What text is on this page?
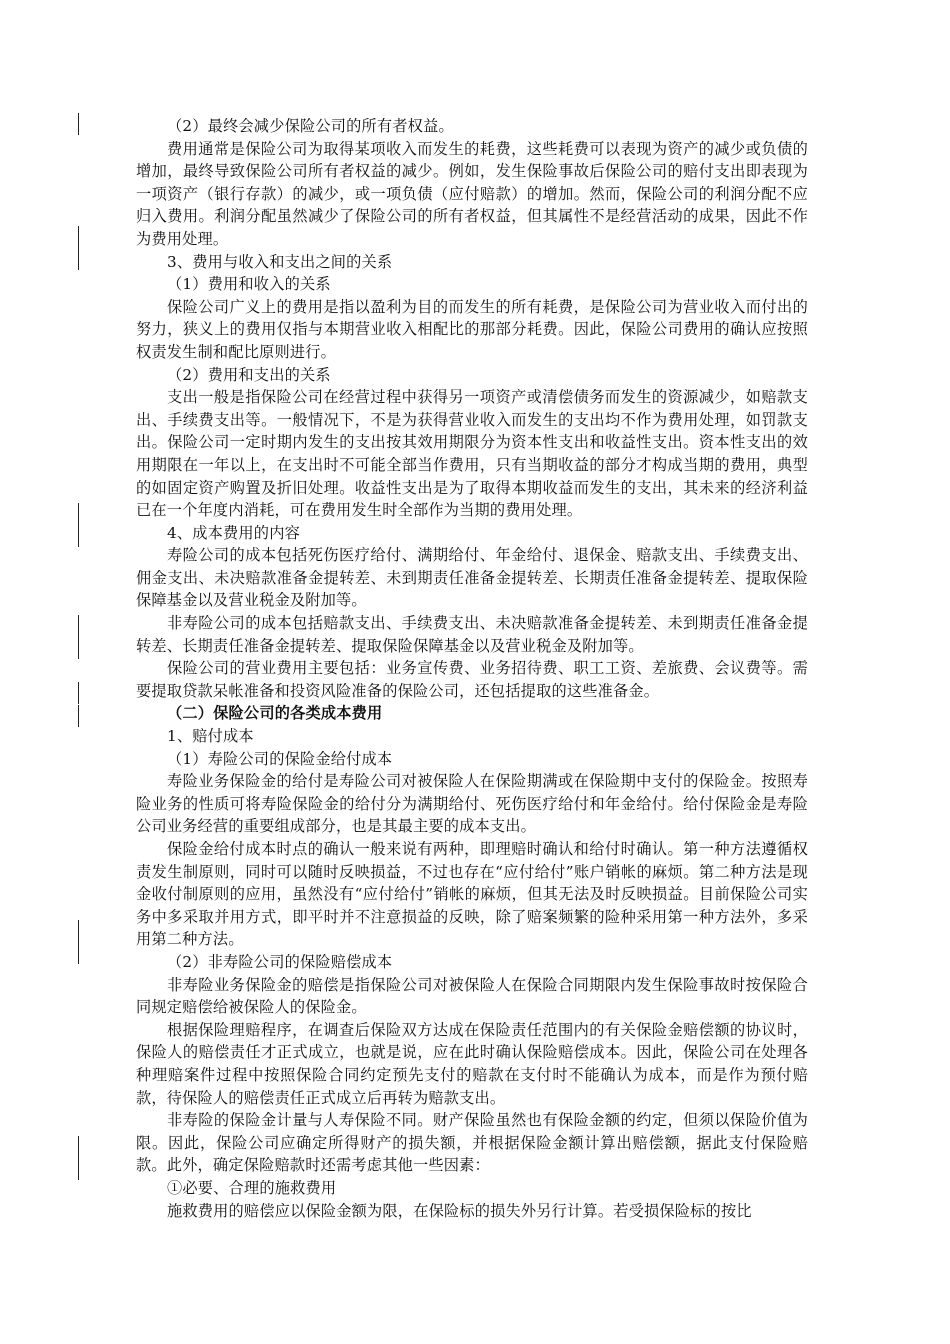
（2）最终会减少保险公司的所有者权益。

费用通常是保险公司为取得某项收入而发生的耗费，这些耗费可以表现为资产的减少或负债的增加，最终导致保险公司所有者权益的减少。例如，发生保险事故后保险公司的赔付支出即表现为一项资产（银行存款）的减少，或一项负债（应付赔款）的增加。然而，保险公司的利润分配不应归入费用。利润分配虽然减少了保险公司的所有者权益，但其属性不是经营活动的成果，因此不作为费用处理。

3、费用与收入和支出之间的关系

（1）费用和收入的关系

保险公司广义上的费用是指以盈利为目的而发生的所有耗费，是保险公司为营业收入而付出的努力，狭义上的费用仅指与本期营业收入相配比的那部分耗费。因此，保险公司费用的确认应按照权责发生制和配比原则进行。

（2）费用和支出的关系

支出一般是指保险公司在经营过程中获得另一项资产或清偿债务而发生的资源减少，如赔款支出、手续费支出等。一般情况下，不是为获得营业收入而发生的支出均不作为费用处理，如罚款支出。保险公司一定时期内发生的支出按其效用期限分为资本性支出和收益性支出。资本性支出的效用期限在一年以上，在支出时不可能全部当作费用，只有当期收益的部分才构成当期的费用，典型的如固定资产购置及折旧处理。收益性支出是为了取得本期收益而发生的支出，其未来的经济利益已在一个年度内消耗，可在费用发生时全部作为当期的费用处理。

4、成本费用的内容

寿险公司的成本包括死伤医疗给付、满期给付、年金给付、退保金、赔款支出、手续费支出、佣金支出、未决赔款准备金提转差、未到期责任准备金提转差、长期责任准备金提转差、提取保险保障基金以及营业税金及附加等。

非寿险公司的成本包括赔款支出、手续费支出、未决赔款准备金提转差、未到期责任准备金提转差、长期责任准备金提转差、提取保险保障基金以及营业税金及附加等。

保险公司的营业费用主要包括：业务宣传费、业务招待费、职工工资、差旅费、会议费等。需要提取贷款呆帐准备和投资风险准备的保险公司，还包括提取的这些准备金。

（二）保险公司的各类成本费用

1、赔付成本

（1）寿险公司的保险金给付成本

寿险业务保险金的给付是寿险公司对被保险人在保险期满或在保险期中支付的保险金。按照寿险业务的性质可将寿险保险金的给付分为满期给付、死伤医疗给付和年金给付。给付保险金是寿险公司业务经营的重要组成部分，也是其最主要的成本支出。

保险金给付成本时点的确认一般来说有两种，即理赔时确认和给付时确认。第一种方法遵循权责发生制原则，同时可以随时反映损益，不过也存在“应付给付”账户销帐的麻烦。第二种方法是现金收付制原则的应用，虽然没有“应付给付”销帐的麻烦，但其无法及时反映损益。目前保险公司实务中多采取并用方式，即平时并不注意损益的反映，除了赔案频繁的险种采用第一种方法外，多采用第二种方法。

（2）非寿险公司的保险赔偿成本

非寿险业务保险金的赔偿是指保险公司对被保险人在保险合同期限内发生保险事故时按保险合同规定赔偿给被保险人的保险金。

根据保险理赔程序，在调查后保险双方达成在保险责任范围内的有关保险金赔偿额的协议时，保险人的赔偿责任才正式成立，也就是说，应在此时确认保险赔偿成本。因此，保险公司在处理各种理赔案件过程中按照保险合同约定预先支付的赔款在支付时不能确认为成本，而是作为预付赔款，待保险人的赔偿责任正式成立后再转为赔款支出。

非寿险的保险金计量与人寿保险不同。财产保险虽然也有保险金额的约定，但须以保险价值为限。因此，保险公司应确定所得财产的损失额，并根据保险金额计算出赔偿额，据此支付保险赔款。此外，确定保险赔款时还需考虑其他一些因素：

①必要、合理的施救费用

施救费用的赔偿应以保险金额为限，在保险标的损失外另行计算。若受损保险标的按比
